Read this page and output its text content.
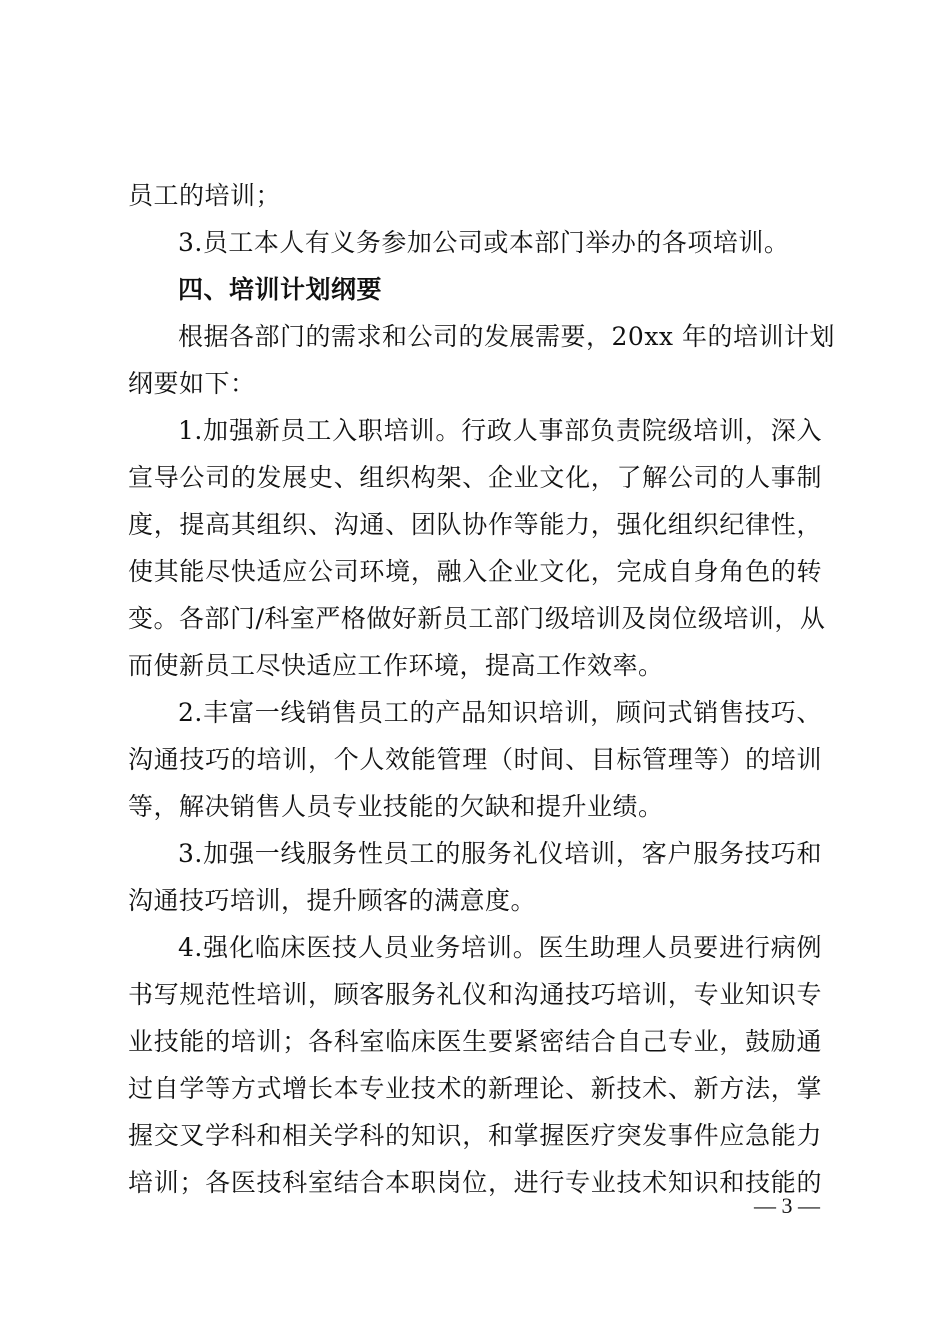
员工的培训；
3.员工本人有义务参加公司或本部门举办的各项培训。
四、培训计划纲要
根据各部门的需求和公司的发展需要，20xx 年的培训计划
纲要如下：
1.加强新员工入职培训。行政人事部负责院级培训，深入
宣导公司的发展史、组织构架、企业文化，了解公司的人事制
度，提高其组织、沟通、团队协作等能力，强化组织纪律性，
使其能尽快适应公司环境，融入企业文化，完成自身角色的转
变。各部门/科室严格做好新员工部门级培训及岗位级培训，从
而使新员工尽快适应工作环境，提高工作效率。
2.丰富一线销售员工的产品知识培训，顾问式销售技巧、
沟通技巧的培训，个人效能管理（时间、目标管理等）的培训
等，解决销售人员专业技能的欠缺和提升业绩。
3.加强一线服务性员工的服务礼仪培训，客户服务技巧和
沟通技巧培训，提升顾客的满意度。
4.强化临床医技人员业务培训。医生助理人员要进行病例
书写规范性培训，顾客服务礼仪和沟通技巧培训，专业知识专
业技能的培训；各科室临床医生要紧密结合自己专业，鼓励通
过自学等方式增长本专业技术的新理论、新技术、新方法，掌
握交叉学科和相关学科的知识，和掌握医疗突发事件应急能力
培训；各医技科室结合本职岗位，进行专业技术知识和技能的
— 3 —
